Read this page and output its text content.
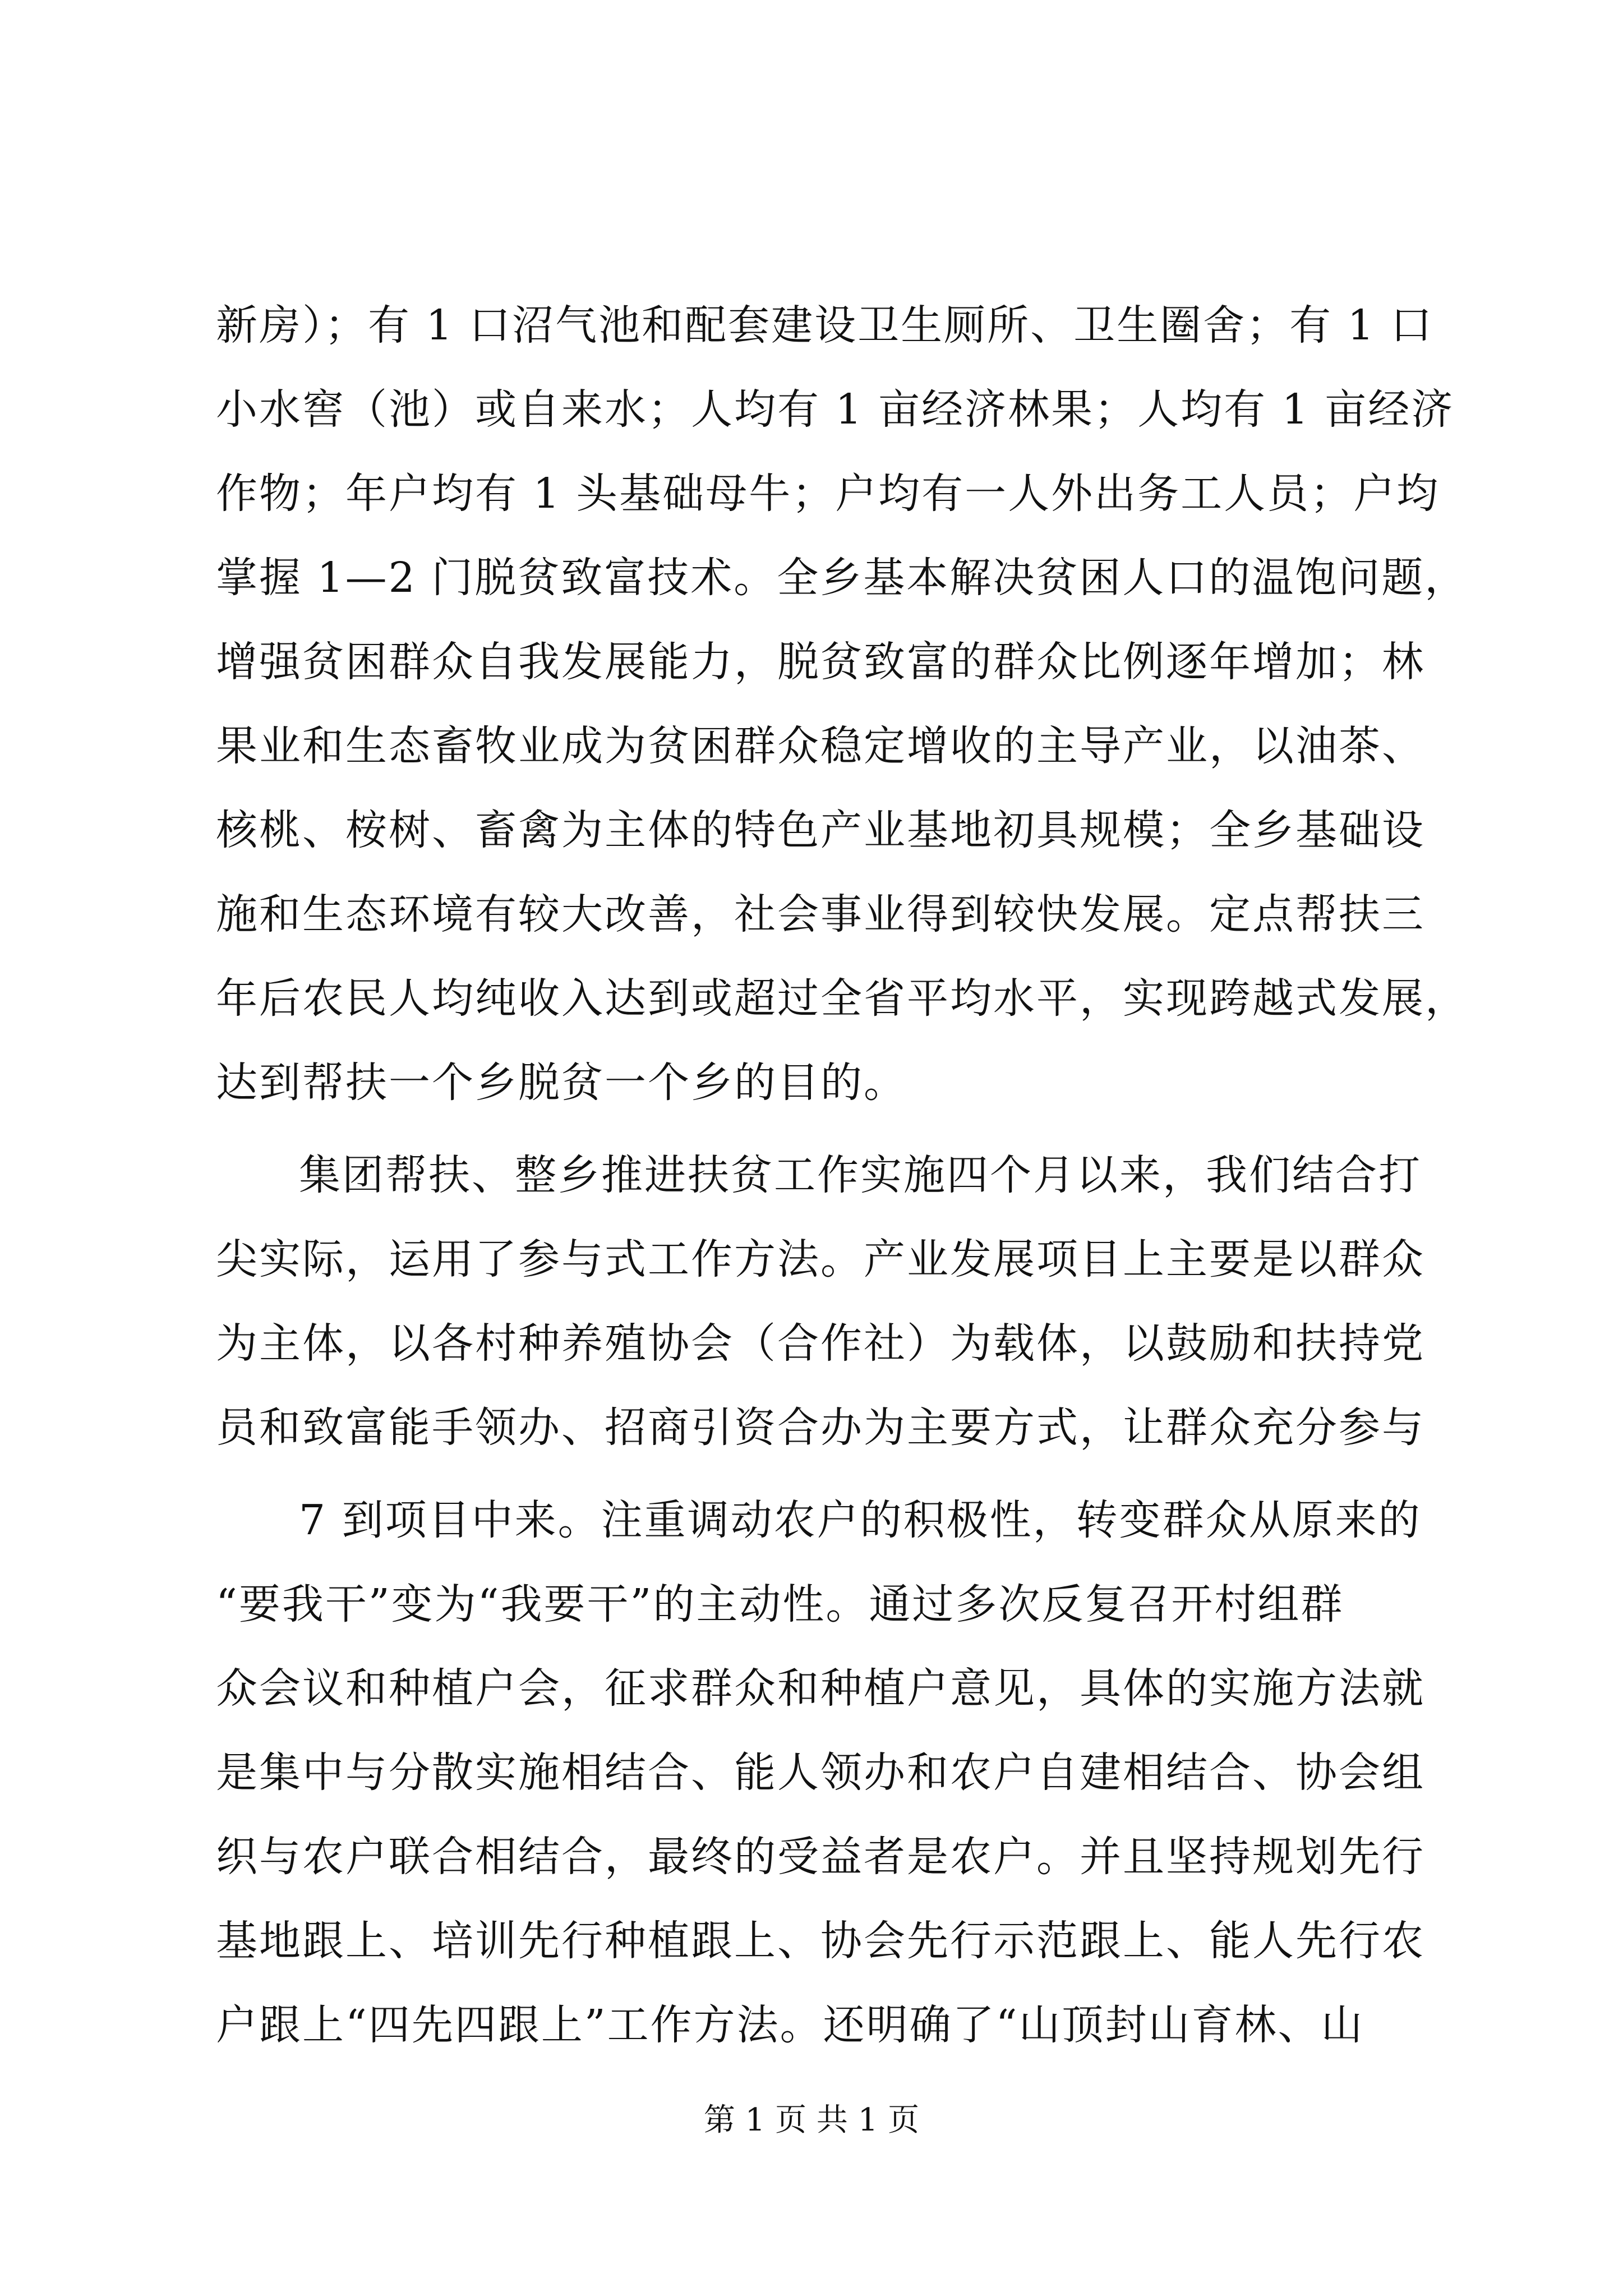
新房）；有 1 口沼气池和配套建设卫生厕所、卫生圈舍；有 1 口
小水窖（池）或自来水；人均有 1 亩经济林果；人均有 1 亩经济
作物；年户均有 1 头基础母牛；户均有一人外出务工人员；户均
掌握 1—2 门脱贫致富技术。全乡基本解决贫困人口的温饱问题，
增强贫困群众自我发展能力，脱贫致富的群众比例逐年增加；林
果业和生态畜牧业成为贫困群众稳定增收的主导产业，以油茶、
核桃、桉树、畜禽为主体的特色产业基地初具规模；全乡基础设
施和生态环境有较大改善，社会事业得到较快发展。定点帮扶三
年后农民人均纯收入达到或超过全省平均水平，实现跨越式发展，
达到帮扶一个乡脱贫一个乡的目的。
集团帮扶、整乡推进扶贫工作实施四个月以来，我们结合打
尖实际，运用了参与式工作方法。产业发展项目上主要是以群众
为主体，以各村种养殖协会（合作社）为载体，以鼓励和扶持党
员和致富能手领办、招商引资合办为主要方式，让群众充分参与
7 到项目中来。注重调动农户的积极性，转变群众从原来的
“要我干”变为“我要干”的主动性。通过多次反复召开村组群
众会议和种植户会，征求群众和种植户意见，具体的实施方法就
是集中与分散实施相结合、能人领办和农户自建相结合、协会组
织与农户联合相结合，最终的受益者是农户。并且坚持规划先行
基地跟上、培训先行种植跟上、协会先行示范跟上、能人先行农
户跟上“四先四跟上”工作方法。还明确了“山顶封山育林、山
第 1 页 共 1 页
